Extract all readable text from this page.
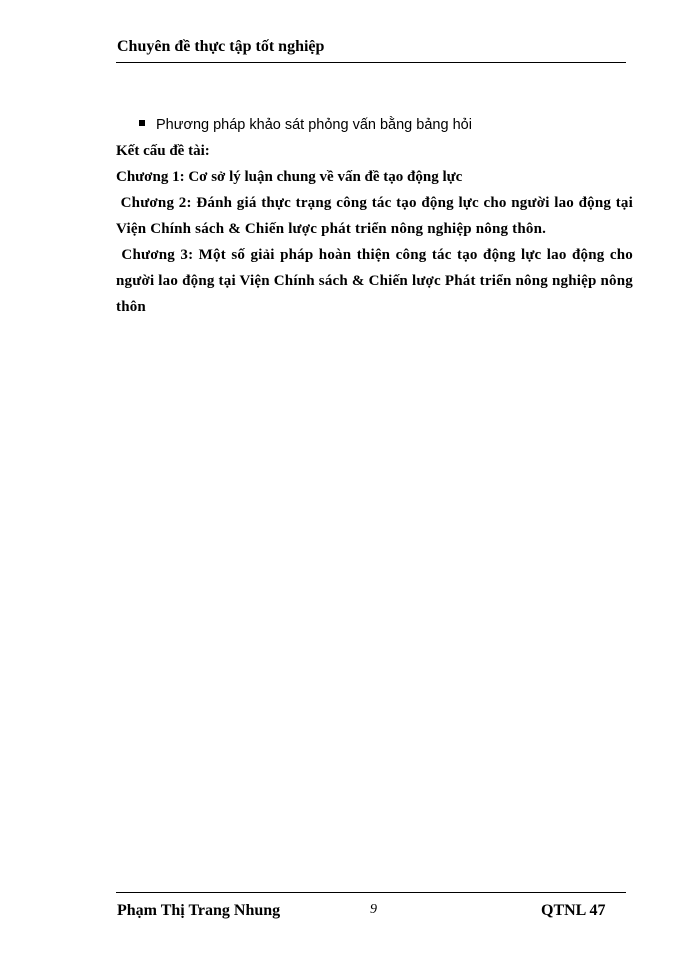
Chuyên đề thực tập tốt nghiệp
Phương pháp khảo sát phỏng vấn bằng bảng hỏi

Kết cấu đề tài:

Chương 1: Cơ sở lý luận chung về vấn đề tạo động lực

Chương 2: Đánh giá thực trạng công tác tạo động lực cho người lao động tại Viện Chính sách & Chiến lược phát triển nông nghiệp nông thôn.

Chương 3: Một số giải pháp hoàn thiện công tác tạo động lực lao động cho người lao động tại Viện Chính sách & Chiến lược Phát triển nông nghiệp nông thôn

Phạm Thị Trang Nhung	9	QTNL 47
